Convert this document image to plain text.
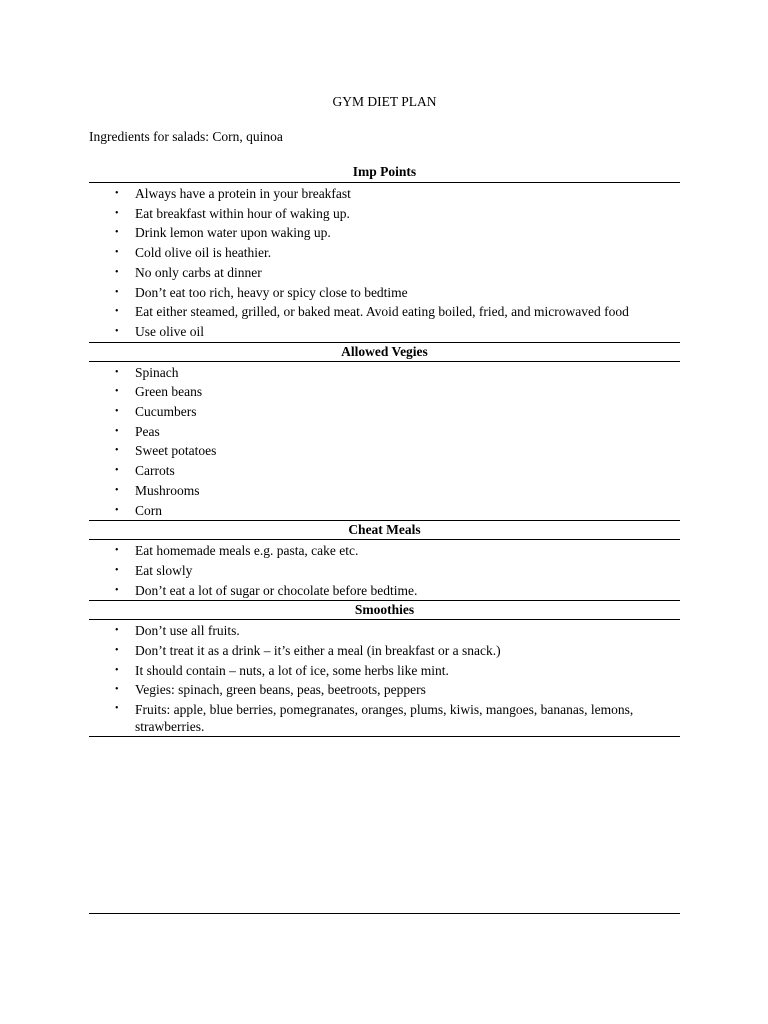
GYM DIET PLAN
Ingredients for salads: Corn, quinoa
Imp Points
• Always have a protein in your breakfast
• Eat breakfast within hour of waking up.
• Drink lemon water upon waking up.
• Cold olive oil is heathier.
• No only carbs at dinner
• Don’t eat too rich, heavy or spicy close to bedtime
• Eat either steamed, grilled, or baked meat. Avoid eating boiled, fried, and microwaved food
• Use olive oil
Allowed Vegies
• Spinach
• Green beans
• Cucumbers
• Peas
• Sweet potatoes
• Carrots
• Mushrooms
• Corn
Cheat Meals
• Eat homemade meals e.g. pasta, cake etc.
• Eat slowly
• Don’t eat a lot of sugar or chocolate before bedtime.
Smoothies
• Don’t use all fruits.
• Don’t treat it as a drink – it’s either a meal (in breakfast or a snack.)
• It should contain – nuts, a lot of ice, some herbs like mint.
• Vegies: spinach, green beans, peas, beetroots, peppers
• Fruits: apple, blue berries, pomegranates, oranges, plums, kiwis, mangoes, bananas, lemons, strawberries.
